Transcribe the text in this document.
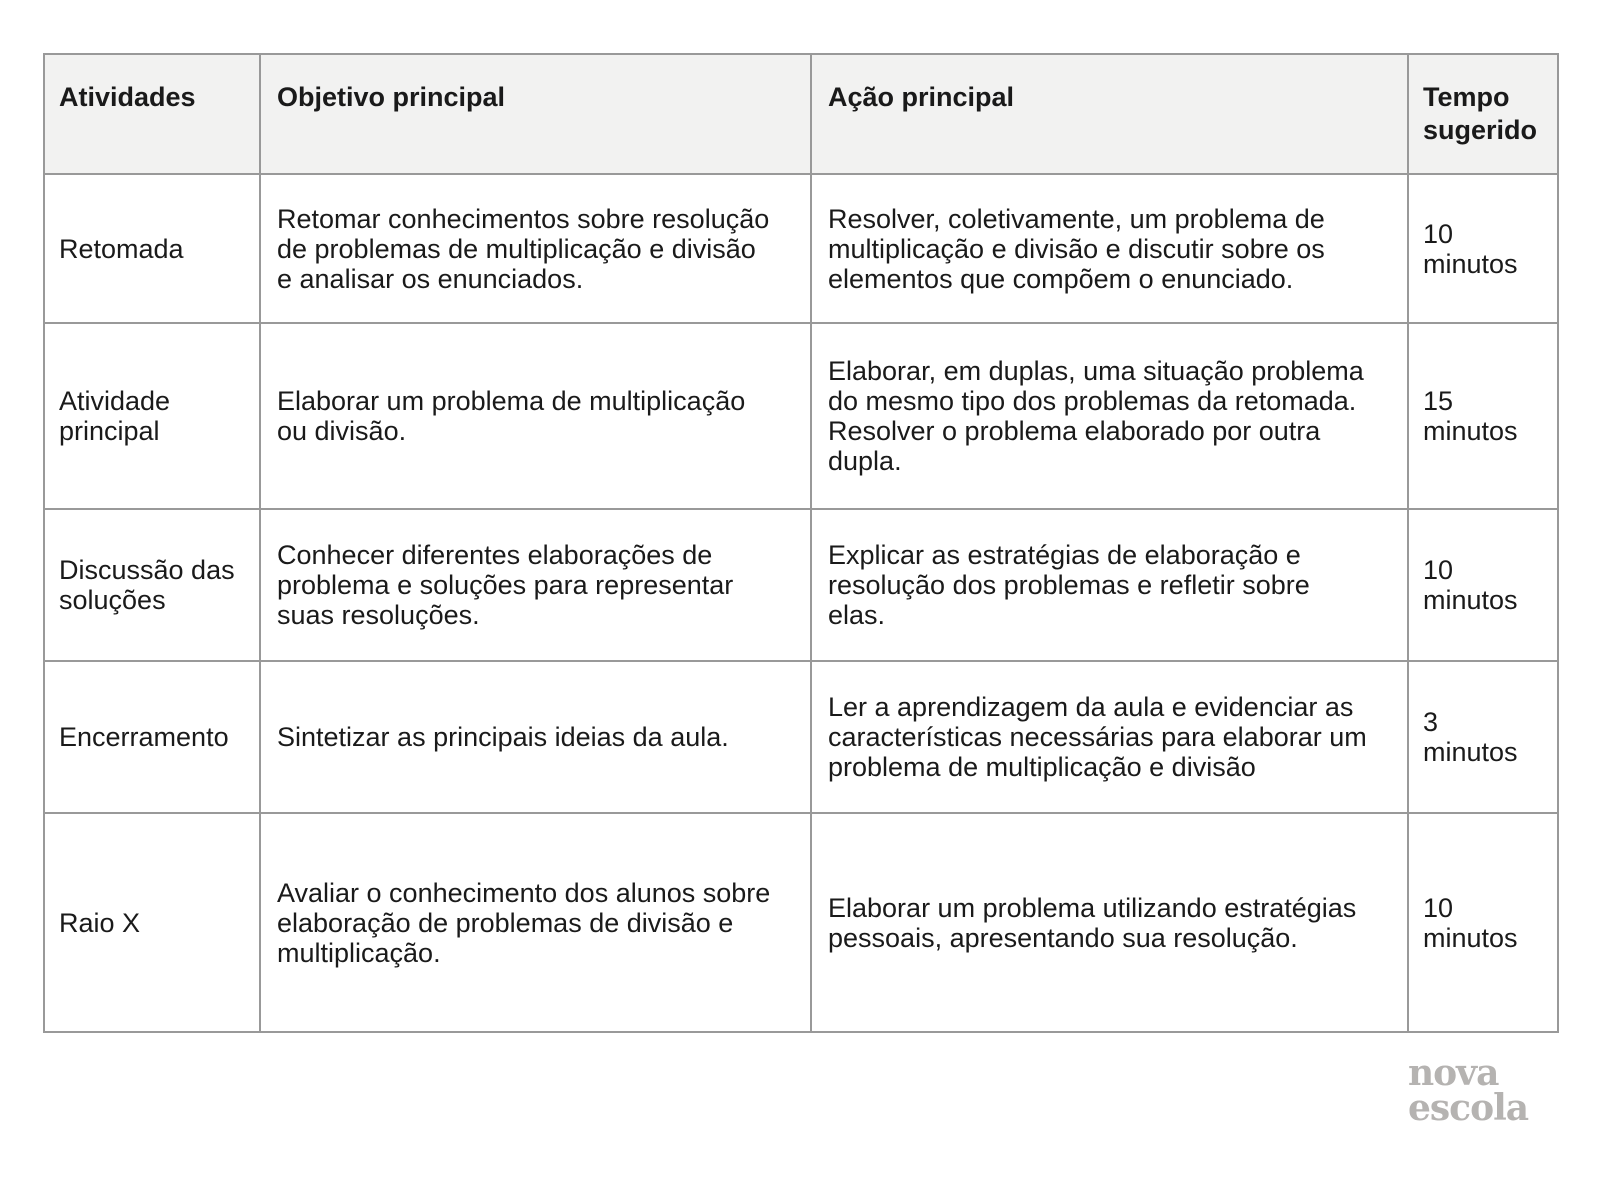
Atividades	Objetivo principal	Ação principal	Tempo sugerido
Retomada	Retomar conhecimentos sobre resolução de problemas de multiplicação e divisão e analisar os enunciados.	Resolver, coletivamente, um problema de multiplicação e divisão e discutir sobre os elementos que compõem o enunciado.	10 minutos
Atividade principal	Elaborar um problema de multiplicação ou divisão.	Elaborar, em duplas, uma situação problema do mesmo tipo dos problemas da retomada. Resolver o problema elaborado por outra dupla.	15 minutos
Discussão das soluções	Conhecer diferentes elaborações de problema e soluções para representar suas resoluções.	Explicar as estratégias de elaboração e resolução dos problemas e refletir sobre elas.	10 minutos
Encerramento	Sintetizar as principais ideias da aula.	Ler a aprendizagem da aula e evidenciar as características necessárias para elaborar um problema de multiplicação e divisão	3 minutos
Raio X	Avaliar o conhecimento dos alunos sobre elaboração de problemas de divisão e multiplicação.	Elaborar um problema utilizando estratégias pessoais, apresentando sua resolução.	10 minutos
nova
escola
